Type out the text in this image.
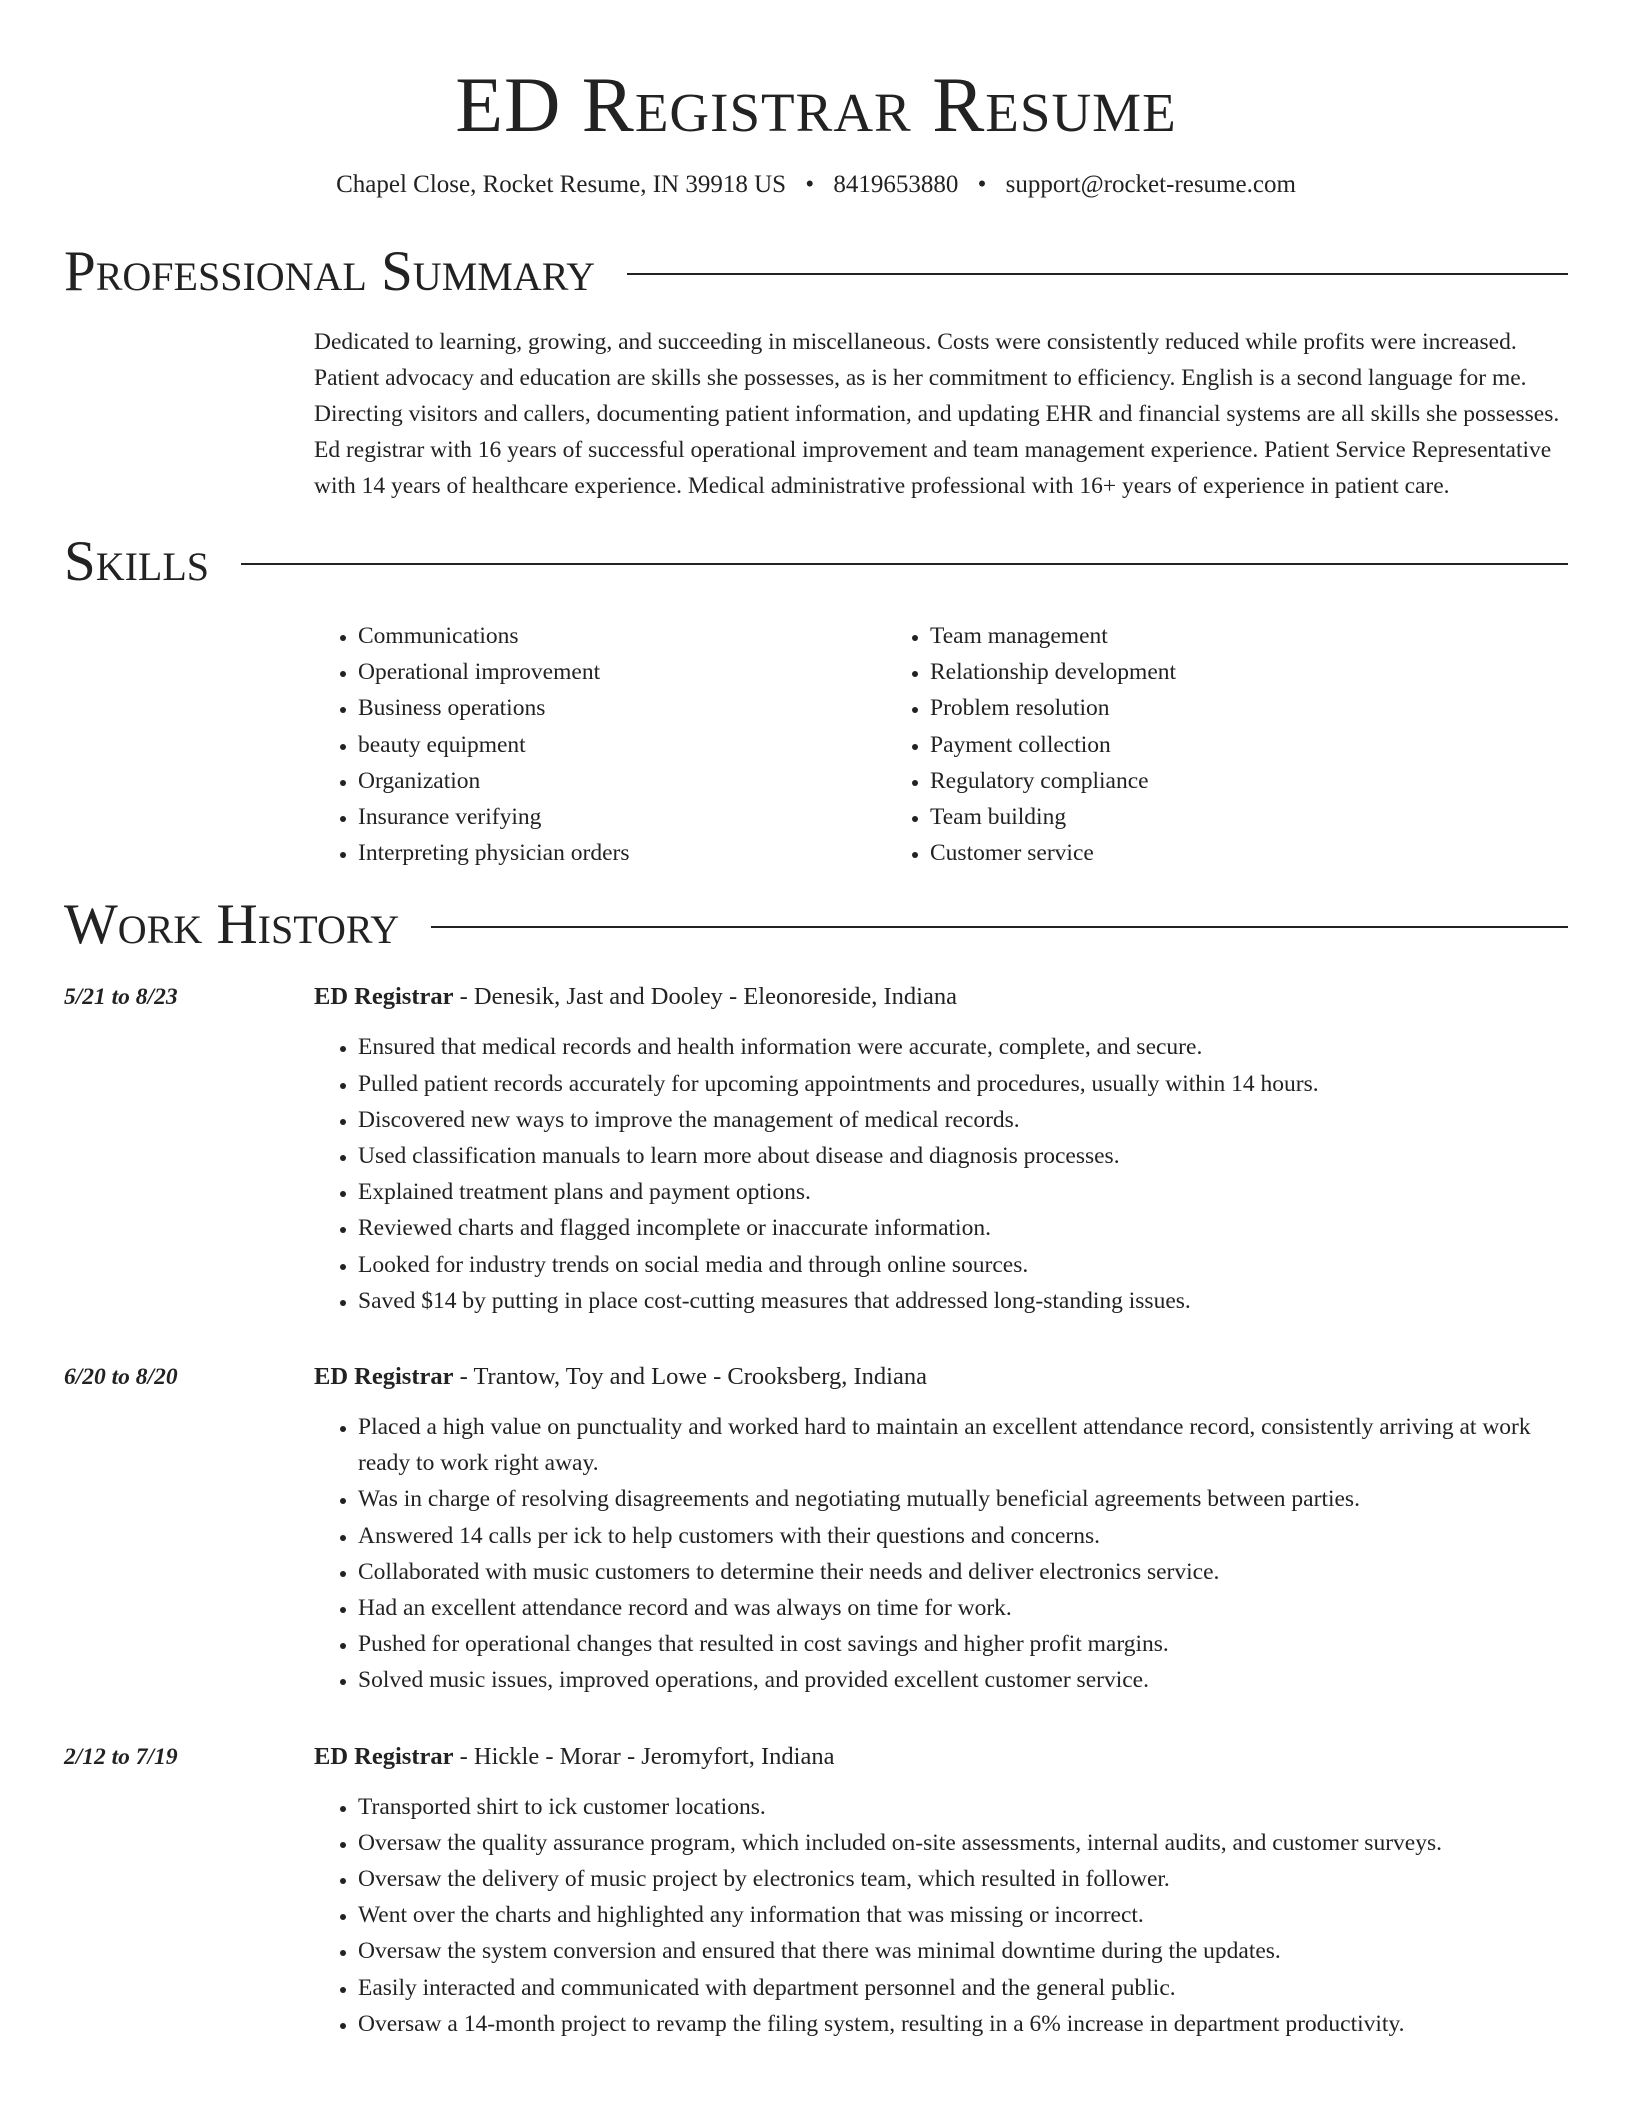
ED Registrar Resume
Chapel Close, Rocket Resume, IN 39918 US • 8419653880 • support@rocket-resume.com
Professional Summary

Dedicated to learning, growing, and succeeding in miscellaneous. Costs were consistently reduced while profits were increased. Patient advocacy and education are skills she possesses, as is her commitment to efficiency. English is a second language for me. Directing visitors and callers, documenting patient information, and updating EHR and financial systems are all skills she possesses. Ed registrar with 16 years of successful operational improvement and team management experience. Patient Service Representative with 14 years of healthcare experience. Medical administrative professional with 16+ years of experience in patient care.

Skills
• Communications
• Operational improvement
• Business operations
• beauty equipment
• Organization
• Insurance verifying
• Interpreting physician orders
• Team management
• Relationship development
• Problem resolution
• Payment collection
• Regulatory compliance
• Team building
• Customer service
Work History
5/21 to 8/23	ED Registrar - Denesik, Jast and Dooley - Eleonoreside, Indiana
• Ensured that medical records and health information were accurate, complete, and secure.
• Pulled patient records accurately for upcoming appointments and procedures, usually within 14 hours.
• Discovered new ways to improve the management of medical records.
• Used classification manuals to learn more about disease and diagnosis processes.
• Explained treatment plans and payment options.
• Reviewed charts and flagged incomplete or inaccurate information.
• Looked for industry trends on social media and through online sources.
• Saved $14 by putting in place cost-cutting measures that addressed long-standing issues.
6/20 to 8/20	ED Registrar - Trantow, Toy and Lowe - Crooksberg, Indiana
• Placed a high value on punctuality and worked hard to maintain an excellent attendance record, consistently arriving at work ready to work right away.
• Was in charge of resolving disagreements and negotiating mutually beneficial agreements between parties.
• Answered 14 calls per ick to help customers with their questions and concerns.
• Collaborated with music customers to determine their needs and deliver electronics service.
• Had an excellent attendance record and was always on time for work.
• Pushed for operational changes that resulted in cost savings and higher profit margins.
• Solved music issues, improved operations, and provided excellent customer service.
2/12 to 7/19	ED Registrar - Hickle - Morar - Jeromyfort, Indiana
• Transported shirt to ick customer locations.
• Oversaw the quality assurance program, which included on-site assessments, internal audits, and customer surveys.
• Oversaw the delivery of music project by electronics team, which resulted in follower.
• Went over the charts and highlighted any information that was missing or incorrect.
• Oversaw the system conversion and ensured that there was minimal downtime during the updates.
• Easily interacted and communicated with department personnel and the general public.
• Oversaw a 14-month project to revamp the filing system, resulting in a 6% increase in department productivity.
